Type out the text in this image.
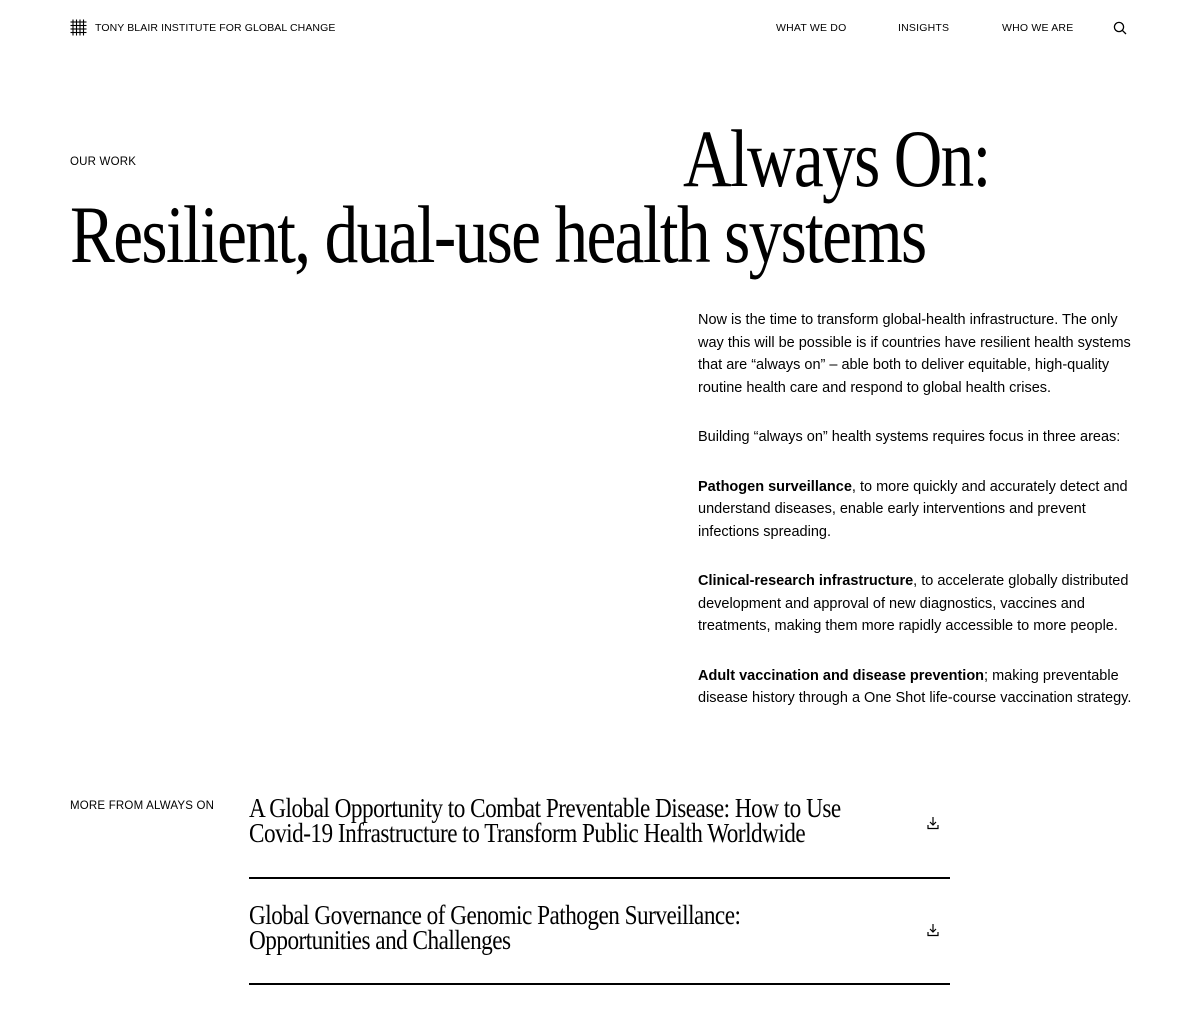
TONY BLAIR INSTITUTE FOR GLOBAL CHANGE	WHAT WE DO	INSIGHTS	WHO WE ARE
OUR WORK	Always On:
Resilient, dual-use health systems

Now is the time to transform global-health infrastructure. The only way this will be possible is if countries have resilient health systems that are “always on” – able both to deliver equitable, high-quality routine health care and respond to global health crises.

Building “always on” health systems requires focus in three areas:

Pathogen surveillance, to more quickly and accurately detect and understand diseases, enable early interventions and prevent infections spreading.

Clinical-research infrastructure, to accelerate globally distributed development and approval of new diagnostics, vaccines and treatments, making them more rapidly accessible to more people.

Adult vaccination and disease prevention; making preventable disease history through a One Shot life-course vaccination strategy.

MORE FROM ALWAYS ON A Global Opportunity to Combat Preventable Disease: How to Use Covid-19 Infrastructure to Transform Public Health Worldwide
Global Governance of Genomic Pathogen Surveillance: Opportunities and Challenges
